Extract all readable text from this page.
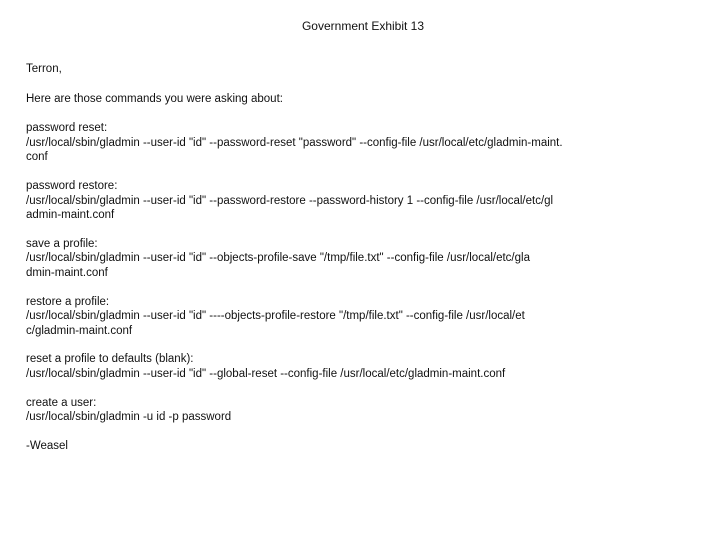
Government Exhibit 13

Terron,

Here are those commands you were asking about:

password reset:
/usr/local/sbin/gladmin --user-id "id" --password-reset "password" --config-file /usr/local/etc/gladmin-maint.
conf
password restore:
/usr/local/sbin/gladmin --user-id "id" --password-restore --password-history 1 --config-file /usr/local/etc/gl
admin-maint.conf
save a profile:
/usr/local/sbin/gladmin --user-id "id" --objects-profile-save "/tmp/file.txt" --config-file /usr/local/etc/gla
dmin-maint.conf
restore a profile:
/usr/local/sbin/gladmin --user-id "id" ----objects-profile-restore "/tmp/file.txt" --config-file /usr/local/et
c/gladmin-maint.conf
reset a profile to defaults (blank):
/usr/local/sbin/gladmin --user-id "id" --global-reset --config-file /usr/local/etc/gladmin-maint.conf
create a user:
/usr/local/sbin/gladmin -u id -p password

-Weasel
